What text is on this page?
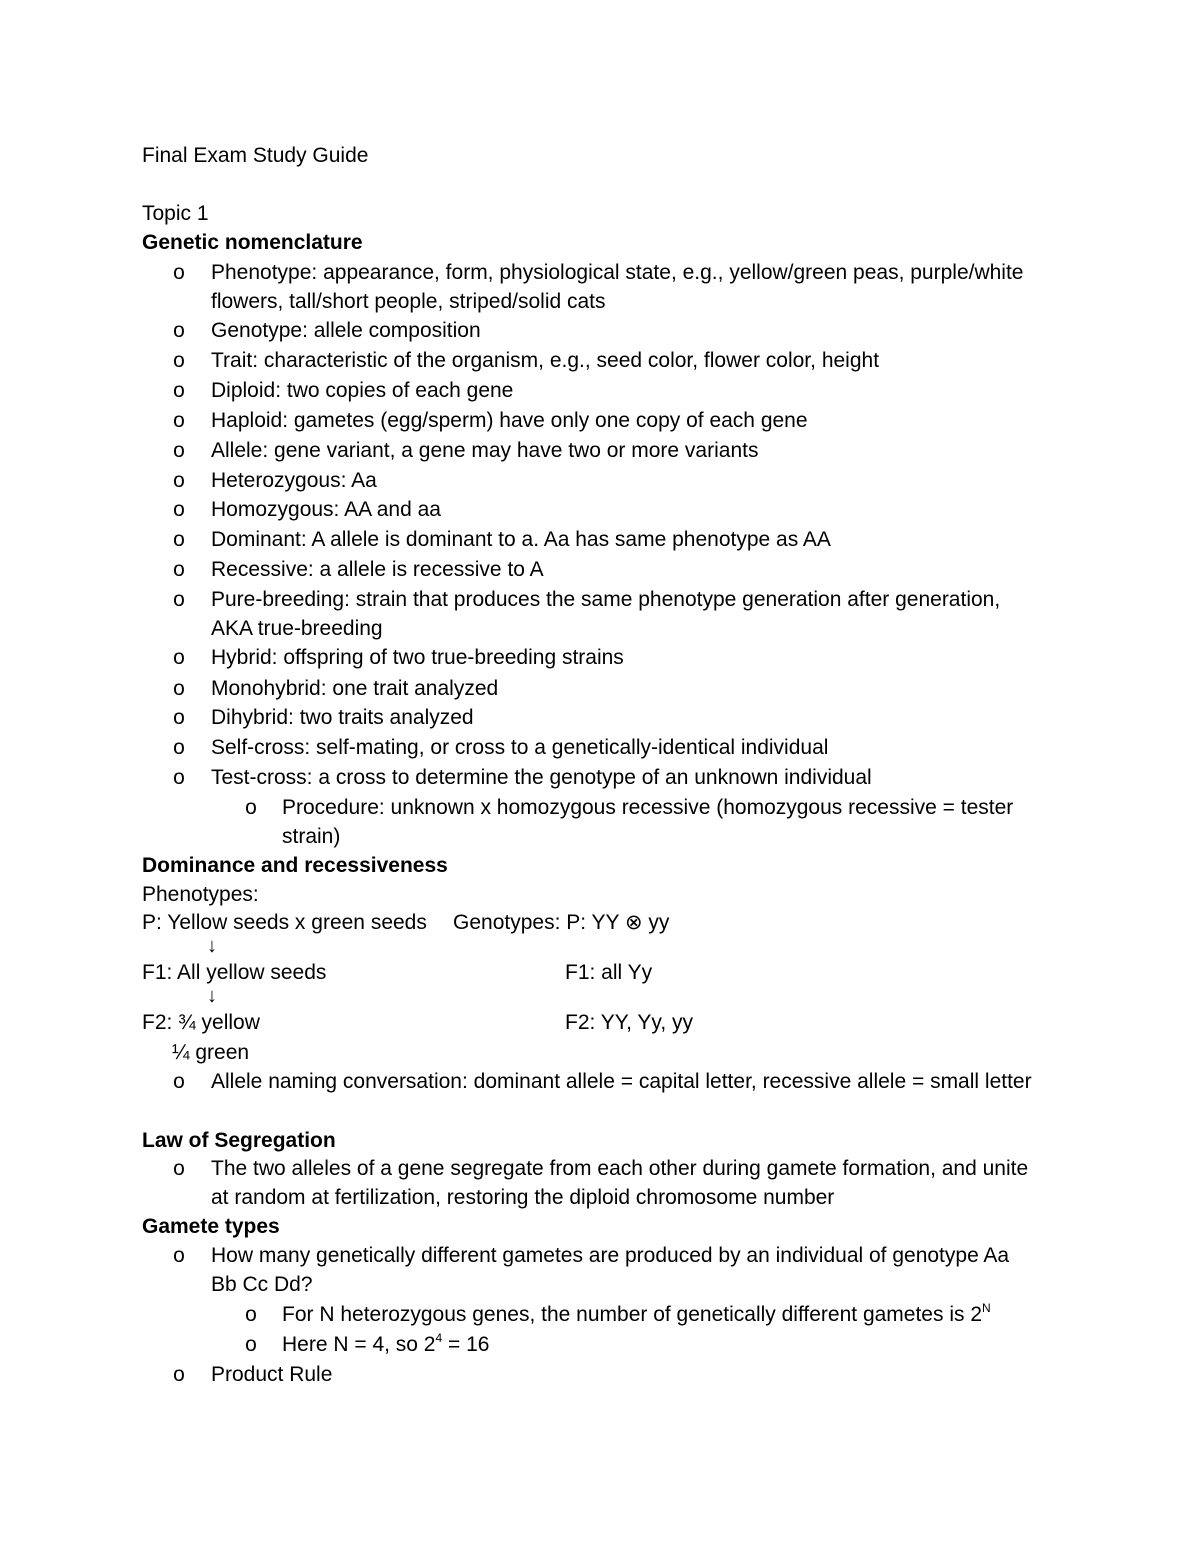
Final Exam Study Guide
Topic 1
Genetic nomenclature
o Phenotype: appearance, form, physiological state, e.g., yellow/green peas, purple/white
flowers, tall/short people, striped/solid cats
o Genotype: allele composition
o Trait: characteristic of the organism, e.g., seed color, flower color, height
o Diploid: two copies of each gene
o Haploid: gametes (egg/sperm) have only one copy of each gene
o Allele: gene variant, a gene may have two or more variants
o Heterozygous: Aa
o Homozygous: AA and aa
o Dominant: A allele is dominant to a. Aa has same phenotype as AA
o Recessive: a allele is recessive to A
o Pure-breeding: strain that produces the same phenotype generation after generation,
AKA true-breeding
o Hybrid: offspring of two true-breeding strains
o Monohybrid: one trait analyzed
o Dihybrid: two traits analyzed
o Self-cross: self-mating, or cross to a genetically-identical individual
o Test-cross: a cross to determine the genotype of an unknown individual
o Procedure: unknown x homozygous recessive (homozygous recessive = tester
strain)
Dominance and recessiveness
Phenotypes:
P: Yellow seeds x green seeds Genotypes: P: YY ⊗ yy
↓
F1: All yellow seeds	F1: all Yy
↓
F2: ¾ yellow	F2: YY, Yy, yy
¼ green
o Allele naming conversation: dominant allele = capital letter, recessive allele = small letter
Law of Segregation
o The two alleles of a gene segregate from each other during gamete formation, and unite
at random at fertilization, restoring the diploid chromosome number
Gamete types
o How many genetically different gametes are produced by an individual of genotype Aa
Bb Cc Dd?
o For N heterozygous genes, the number of genetically different gametes is $2^N$
o Here N = 4, so $2^4 = 16$
o Product Rule
